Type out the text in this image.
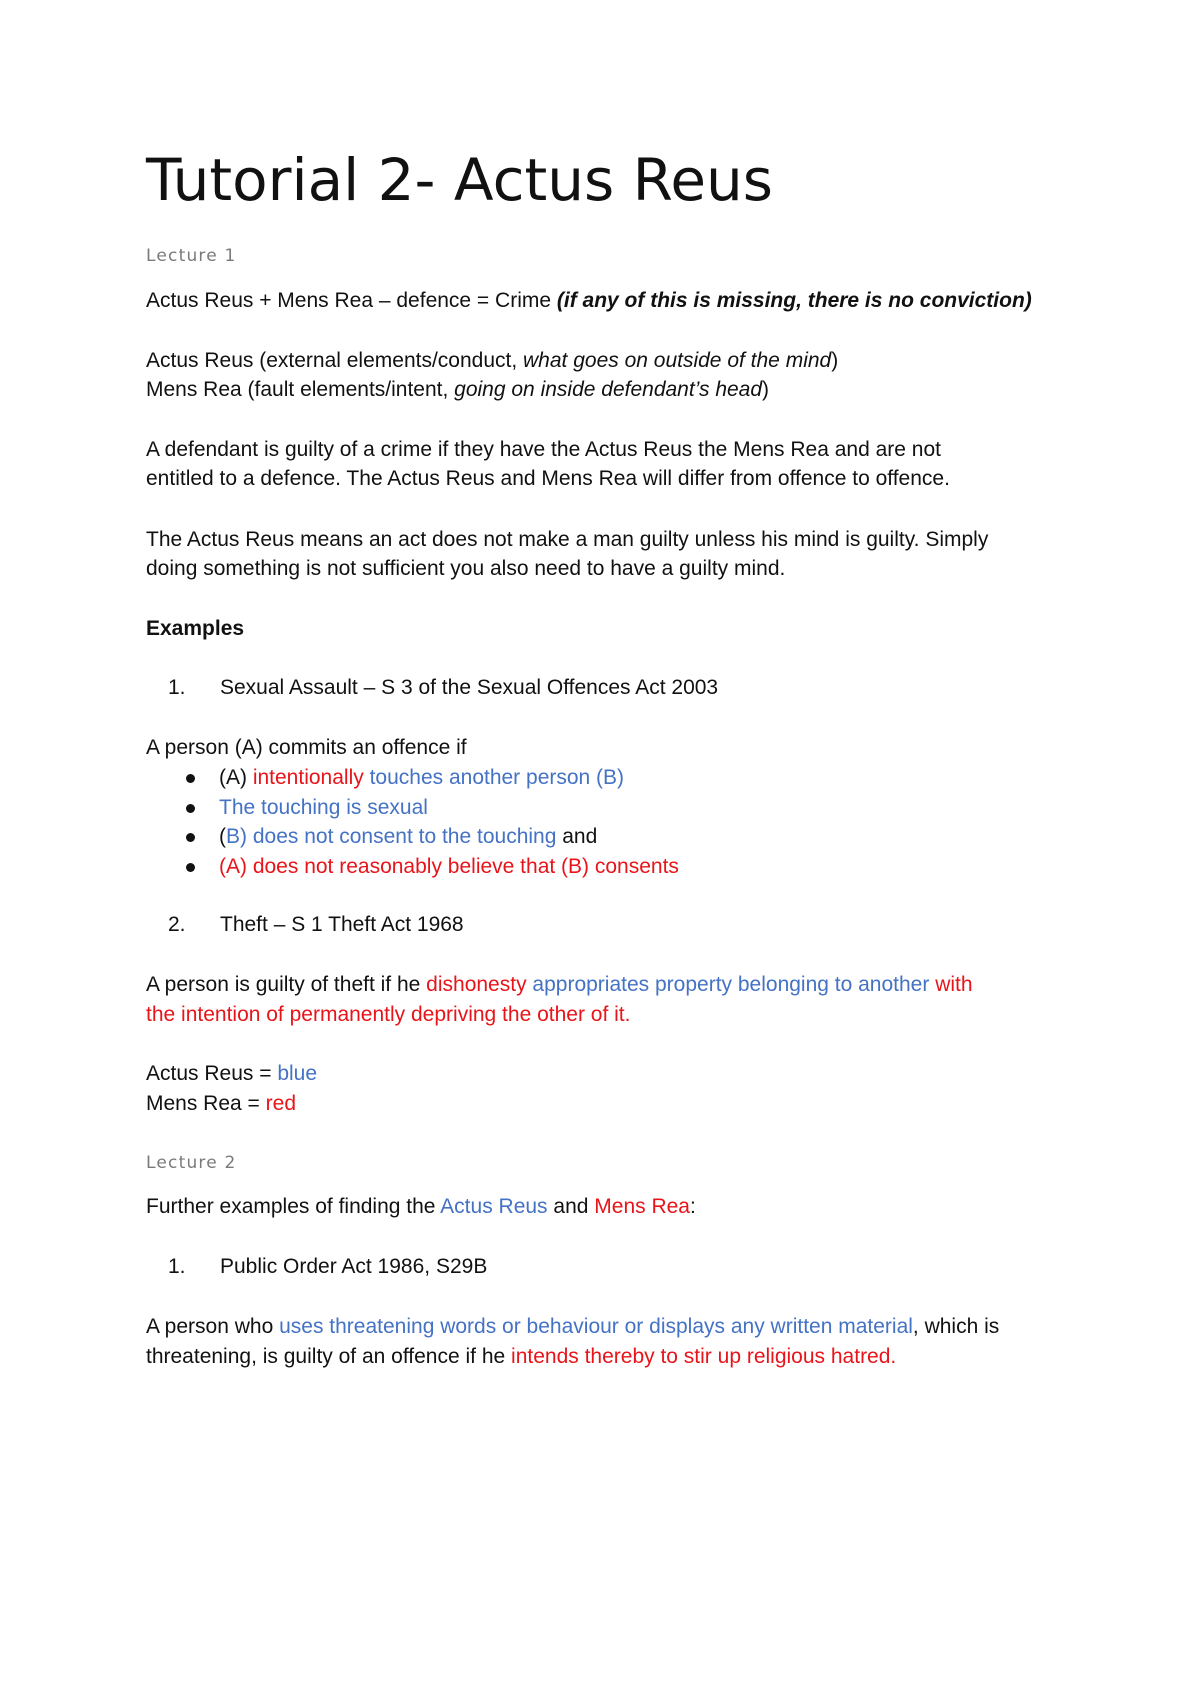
Tutorial 2- Actus Reus
Lecture 1
Actus Reus + Mens Rea – defence = Crime (if any of this is missing, there is no conviction)
Actus Reus (external elements/conduct, what goes on outside of the mind)
Mens Rea (fault elements/intent, going on inside defendant’s head)
A defendant is guilty of a crime if they have the Actus Reus the Mens Rea and are not
entitled to a defence. The Actus Reus and Mens Rea will differ from offence to offence.
The Actus Reus means an act does not make a man guilty unless his mind is guilty. Simply
doing something is not sufficient you also need to have a guilty mind.
Examples
1. Sexual Assault – S 3 of the Sexual Offences Act 2003
A person (A) commits an offence if
(A) intentionally touches another person (B)
The touching is sexual
(B) does not consent to the touching and
(A) does not reasonably believe that (B) consents
2. Theft – S 1 Theft Act 1968
A person is guilty of theft if he dishonesty appropriates property belonging to another with
the intention of permanently depriving the other of it.
Actus Reus = blue
Mens Rea = red
Lecture 2
Further examples of finding the Actus Reus and Mens Rea:
1. Public Order Act 1986, S29B
A person who uses threatening words or behaviour or displays any written material, which is
threatening, is guilty of an offence if he intends thereby to stir up religious hatred.
